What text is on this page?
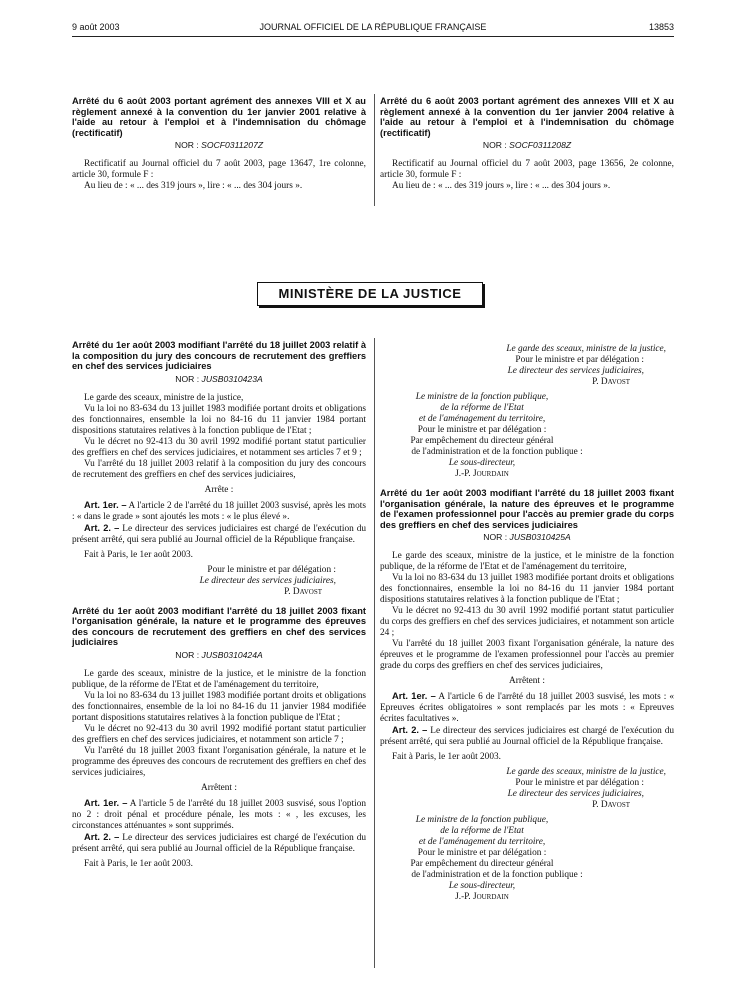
9 août 2003	JOURNAL OFFICIEL DE LA RÉPUBLIQUE FRANÇAISE	13853

Arrêté du 6 août 2003 portant agrément des annexes VIII et X au règlement annexé à la convention du 1er janvier 2001 relative à l'aide au retour à l'emploi et à l'indemnisation du chômage (rectificatif)

NOR : SOCF0311207Z

Rectificatif au Journal officiel du 7 août 2003, page 13647, 1re colonne, article 30, formule F :

Au lieu de : « ... des 319 jours », lire : « ... des 304 jours ».

Arrêté du 6 août 2003 portant agrément des annexes VIII et X au règlement annexé à la convention du 1er janvier 2004 relative à l'aide au retour à l'emploi et à l'indemnisation du chômage (rectificatif)

NOR : SOCF0311208Z

Rectificatif au Journal officiel du 7 août 2003, page 13656, 2e colonne, article 30, formule F :

Au lieu de : « ... des 319 jours », lire : « ... des 304 jours ».

MINISTÈRE DE LA JUSTICE

Arrêté du 1er août 2003 modifiant l'arrêté du 18 juillet 2003 relatif à la composition du jury des concours de recrutement des greffiers en chef des services judiciaires

NOR : JUSB0310423A

Le garde des sceaux, ministre de la justice,

Vu la loi no 83-634 du 13 juillet 1983 modifiée portant droits et obligations des fonctionnaires, ensemble la loi no 84-16 du 11 janvier 1984 portant dispositions statutaires relatives à la fonction publique de l'Etat ;

Vu le décret no 92-413 du 30 avril 1992 modifié portant statut particulier des greffiers en chef des services judiciaires, et notamment ses articles 7 et 9 ;

Vu l'arrêté du 18 juillet 2003 relatif à la composition du jury des concours de recrutement des greffiers en chef des services judiciaires,

Arrête :

Art. 1er. – A l'article 2 de l'arrêté du 18 juillet 2003 susvisé, après les mots : « dans le grade » sont ajoutés les mots : « le plus élevé ».

Art. 2. – Le directeur des services judiciaires est chargé de l'exécution du présent arrêté, qui sera publié au Journal officiel de la République française.

Fait à Paris, le 1er août 2003.

Pour le ministre et par délégation :

Le directeur des services judiciaires,

P. Davost

Arrêté du 1er août 2003 modifiant l'arrêté du 18 juillet 2003 fixant l'organisation générale, la nature et le programme des épreuves des concours de recrutement des greffiers en chef des services judiciaires

NOR : JUSB0310424A

Le garde des sceaux, ministre de la justice, et le ministre de la fonction publique, de la réforme de l'Etat et de l'aménagement du territoire,

Vu la loi no 83-634 du 13 juillet 1983 modifiée portant droits et obligations des fonctionnaires, ensemble de la loi no 84-16 du 11 janvier 1984 modifiée portant dispositions statutaires relatives à la fonction publique de l'Etat ;

Vu le décret no 92-413 du 30 avril 1992 modifié portant statut particulier des greffiers en chef des services judiciaires, et notamment son article 7 ;

Vu l'arrêté du 18 juillet 2003 fixant l'organisation générale, la nature et le programme des épreuves des concours de recrutement des greffiers en chef des services judiciaires,

Arrêtent :

Art. 1er. – A l'article 5 de l'arrêté du 18 juillet 2003 susvisé, sous l'option no 2 : droit pénal et procédure pénale, les mots : « , les excuses, les circonstances atténuantes » sont supprimés.

Art. 2. – Le directeur des services judiciaires est chargé de l'exécution du présent arrêté, qui sera publié au Journal officiel de la République française.

Fait à Paris, le 1er août 2003.

Le garde des sceaux, ministre de la justice,

Pour le ministre et par délégation :

Le directeur des services judiciaires,

P. Davost

Le ministre de la fonction publique,

de la réforme de l'Etat

et de l'aménagement du territoire,

Pour le ministre et par délégation :

Par empêchement du directeur général

de l'administration et de la fonction publique :

Le sous-directeur,

J.-P. Jourdain

Arrêté du 1er août 2003 modifiant l'arrêté du 18 juillet 2003 fixant l'organisation générale, la nature des épreuves et le programme de l'examen professionnel pour l'accès au premier grade du corps des greffiers en chef des services judiciaires

NOR : JUSB0310425A

Le garde des sceaux, ministre de la justice, et le ministre de la fonction publique, de la réforme de l'Etat et de l'aménagement du territoire,

Vu la loi no 83-634 du 13 juillet 1983 modifiée portant droits et obligations des fonctionnaires, ensemble la loi no 84-16 du 11 janvier 1984 portant dispositions statutaires relatives à la fonction publique de l'Etat ;

Vu le décret no 92-413 du 30 avril 1992 modifié portant statut particulier du corps des greffiers en chef des services judiciaires, et notamment son article 24 ;

Vu l'arrêté du 18 juillet 2003 fixant l'organisation générale, la nature des épreuves et le programme de l'examen professionnel pour l'accès au premier grade du corps des greffiers en chef des services judiciaires,

Arrêtent :

Art. 1er. – A l'article 6 de l'arrêté du 18 juillet 2003 susvisé, les mots : « Epreuves écrites obligatoires » sont remplacés par les mots : « Epreuves écrites facultatives ».

Art. 2. – Le directeur des services judiciaires est chargé de l'exécution du présent arrêté, qui sera publié au Journal officiel de la République française.

Fait à Paris, le 1er août 2003.

Le garde des sceaux, ministre de la justice,

Pour le ministre et par délégation :

Le directeur des services judiciaires,

P. Davost

Le ministre de la fonction publique,

de la réforme de l'Etat

et de l'aménagement du territoire,

Pour le ministre et par délégation :

Par empêchement du directeur général

de l'administration et de la fonction publique :

Le sous-directeur,

J.-P. Jourdain
